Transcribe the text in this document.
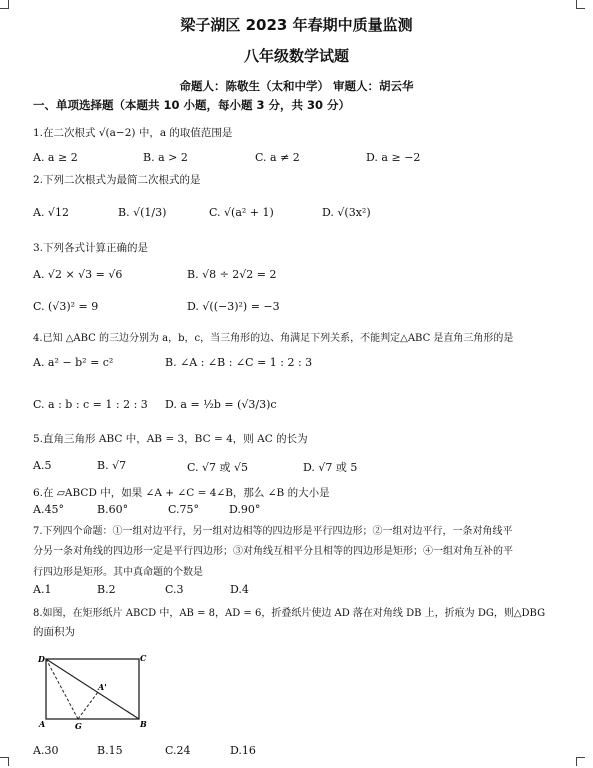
梁子湖区 2023 年春期中质量监测
八年级数学试题
命题人：陈敬生（太和中学） 审题人：胡云华
一、单项选择题（本题共 10 小题，每小题 3 分，共 30 分）
1.在二次根式 √(a−2) 中，a 的取值范围是
A. a ≥ 2	B. a > 2	C. a ≠ 2	D. a ≥ −2
2.下列二次根式为最简二次根式的是
A. √12	B. √(1/3)	C. √(a² + 1)	D. √(3x²)
3.下列各式计算正确的是
A. √2 × √3 = √6	B. √8 ÷ 2√2 = 2
C. (√3)² = 9	D. √((−3)²) = −3
4.已知 △ABC 的三边分别为 a，b，c，当三角形的边、角满足下列关系，不能判定△ABC 是直角三角形的是
A. a² − b² = c²	B. ∠A : ∠B : ∠C = 1 : 2 : 3
C. a : b : c = 1 : 2 : 3 D. a = ½b = (√3/3)c
5.直角三角形 ABC 中，AB = 3，BC = 4，则 AC 的长为
A.5	B. √7	C. √7 或 √5	D. √7 或 5
6.在 ▱ABCD 中，如果 ∠A + ∠C = 4∠B，那么 ∠B 的大小是
A.45°	B.60°	C.75°	D.90°
7.下列四个命题：①一组对边平行，另一组对边相等的四边形是平行四边形；②一组对边平行，一条对角线平
分另一条对角线的四边形一定是平行四边形；③对角线互相平分且相等的四边形是矩形；④一组对角互补的平
行四边形是矩形。其中真命题的个数是
A.1	B.2	C.3	D.4
8.如图，在矩形纸片 ABCD 中，AB = 8，AD = 6，折叠纸片使边 AD 落在对角线 DB 上，折痕为 DG，则△DBG
的面积为
D	C
A	G	B
A'
A.30	B.15	C.24	D.16
